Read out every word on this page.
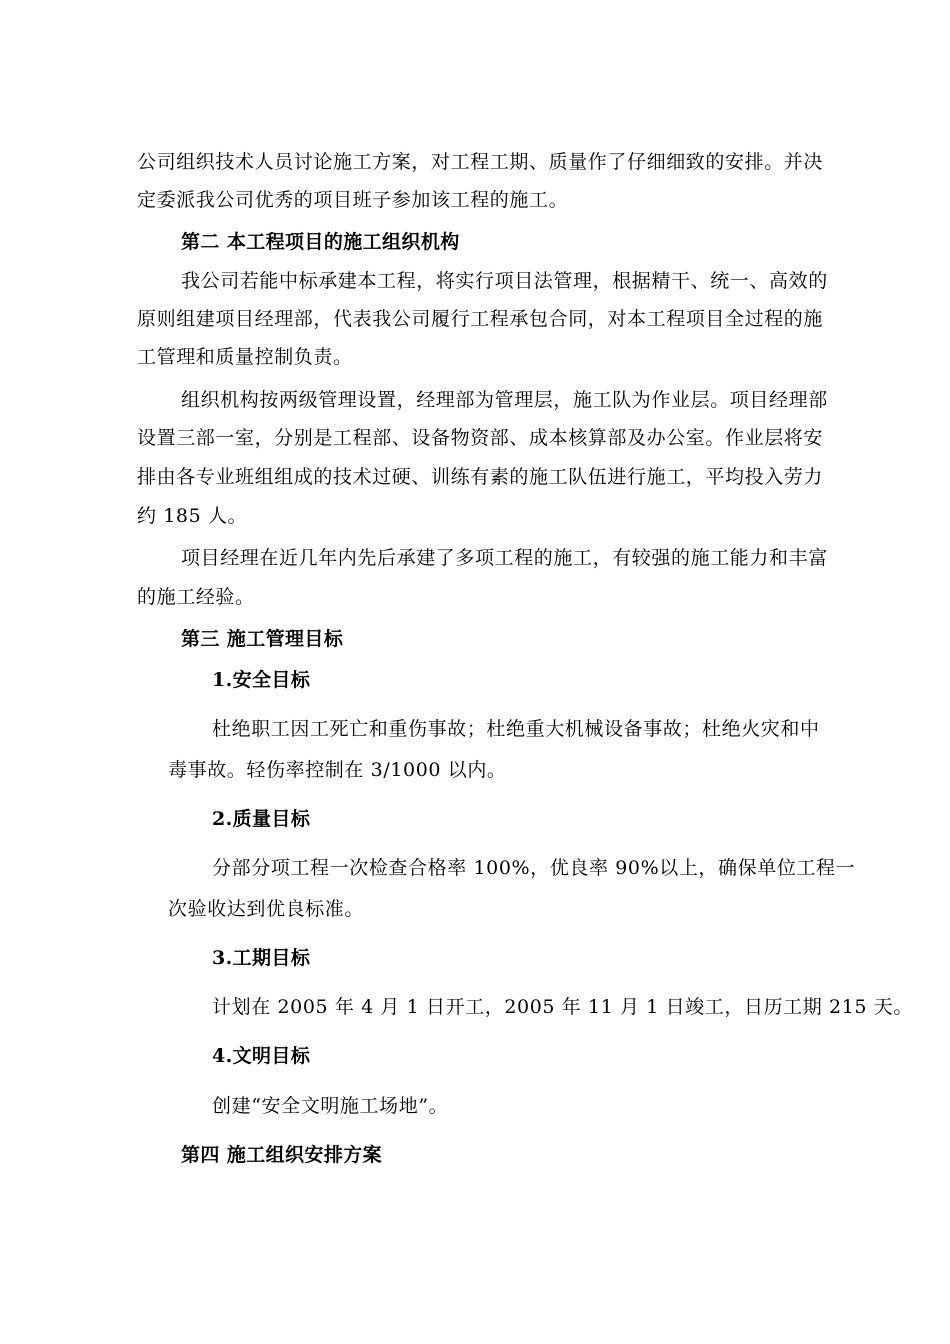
公司组织技术人员讨论施工方案，对工程工期、质量作了仔细细致的安排。并决
定委派我公司优秀的项目班子参加该工程的施工。
第二 本工程项目的施工组织机构
我公司若能中标承建本工程，将实行项目法管理，根据精干、统一、高效的
原则组建项目经理部，代表我公司履行工程承包合同，对本工程项目全过程的施
工管理和质量控制负责。
组织机构按两级管理设置，经理部为管理层，施工队为作业层。项目经理部
设置三部一室，分别是工程部、设备物资部、成本核算部及办公室。作业层将安
排由各专业班组组成的技术过硬、训练有素的施工队伍进行施工，平均投入劳力
约 185 人。
项目经理在近几年内先后承建了多项工程的施工，有较强的施工能力和丰富
的施工经验。
第三 施工管理目标
1.安全目标
杜绝职工因工死亡和重伤事故；杜绝重大机械设备事故；杜绝火灾和中
毒事故。轻伤率控制在 3/1000 以内。
2.质量目标
分部分项工程一次检查合格率 100%，优良率 90%以上，确保单位工程一
次验收达到优良标准。
3.工期目标
计划在 2005 年 4 月 1 日开工，2005 年 11 月 1 日竣工，日历工期 215 天。
4.文明目标
创建“安全文明施工场地”。
第四 施工组织安排方案
